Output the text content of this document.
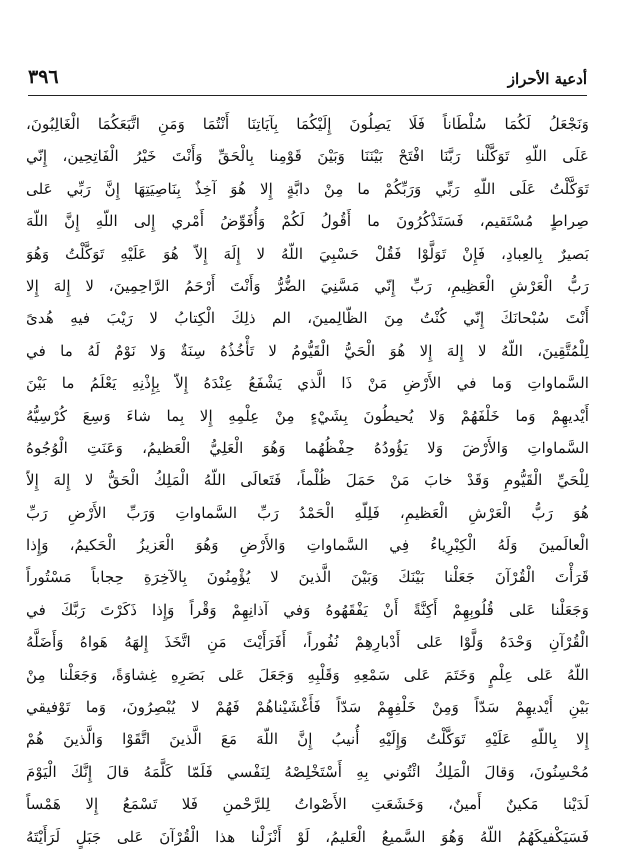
٣٩٦	أدعية الأحراز
وَنَجْعَلُ لَكُمَا سُلْطَاناً فَلَا يَصِلُونَ إِلَيْكُمَا بِآيَاتِنَا أَنْتُمَا وَمَنِ اتَّبَعَكُمَا الْغَالِبُونَ،
عَلَى اللّهِ تَوَكَّلْنا رَبَّنَا افْتَحْ بَيْنَنَا وَبَيْنَ قَوْمِنا بِالْحَقِّ وَأَنْتَ خَيْرُ الْفَاتِحِين، إِنّي
تَوَكَّلْتُ عَلَى اللّهِ رَبِّي وَرَبِّكُمْ ما مِنْ دابَّةٍ إِلا هُوَ آخِذٌ بِنَاصِيَتِهَا إِنَّ رَبِّي عَلى
صِراطٍ مُسْتَقيم، فَسَتَذْكُرُونَ ما أَقُولُ لَكُمْ وَأُفَوِّضُ أَمْري إِلى اللّهِ إِنَّ اللّهَ
بَصيرٌ بِالعِبادِ، فَإِنْ تَوَلَّوْا فَقُلْ حَسْبِيَ اللّهُ لا إِلَهَ إِلاّ هُوَ عَلَيْهِ تَوَكَّلْتُ وَهُوَ
رَبُّ الْعَرْشِ الْعَظِيمِ، رَبِّ إِنّي مَسَّنِيَ الضُّرُّ وَأَنْتَ أَرْحَمُ الرَّاحِمِينَ، لا إِلهَ إِلا
أَنْتَ سُبْحانَكَ إِنّي كُنْتُ مِنَ الظّالِمينَ، الم ذلِكَ الْكِتابُ لا رَيْبَ فيهِ هُدىً
لِلْمُتَّقِينَ، اللّهُ لا إِلهَ إِلا هُوَ الْحَيُّ الْقَيُّومُ لا تَأْخُذُهُ سِنَةٌ وَلا نَوْمٌ لَهُ ما في
السَّماواتِ وَما في الأَرْضِ مَنْ ذَا الَّذي يَشْفَعُ عِنْدَهُ إِلاّ بِإِذْنِهِ يَعْلَمُ ما بَيْنَ
أَيْديهِمْ وَما خَلْفَهُمْ وَلا يُحيطُونَ بِشَيْءٍ مِنْ عِلْمِهِ إِلا بِما شاءَ وَسِعَ كُرْسِيُّهُ
السَّماواتِ وَالأَرْضَ وَلا يَؤُودُهُ حِفْظُهُما وَهُوَ الْعَلِيُّ الْعَظيمُ، وَعَنَتِ الْوُجُوهُ
لِلْحَيِّ الْقَيُّومِ وَقَدْ خابَ مَنْ حَمَلَ ظُلْماً، فَتَعالَى اللّهُ الْمَلِكُ الْحَقُّ لا إِلهَ إِلاّ
هُوَ رَبُّ الْعَرْشِ الْعَظيمِ، فَلِلّهِ الْحَمْدُ رَبِّ السَّماواتِ وَرَبِّ الأَرْضِ رَبِّ
الْعالَمينَ وَلَهُ الْكِبْرِياءُ فِي السَّماواتِ وَالأَرْضِ وَهُوَ الْعَزيزُ الْحَكيمُ، وَإِذا
قَرَأْتَ الْقُرْآنَ جَعَلْنا بَيْنَكَ وَبَيْنَ الَّذينَ لا يُؤْمِنُونَ بِالآخِرَةِ حِجاباً مَسْتُوراً
وَجَعَلْنا عَلى قُلُوبِهِمْ أَكِنَّةً أَنْ يَفْقَهُوهُ وَفي آذانِهِمْ وَقْراً وَإِذا ذَكَرْتَ رَبَّكَ في
الْقُرْآنِ وَحْدَهُ وَلَّوْا عَلى أَدْبارِهِمْ نُفُوراً، أَفَرَأَيْتَ مَنِ اتَّخَذَ إِلهَهُ هَواهُ وَأَضَلَّهُ
اللّهُ عَلى عِلْمٍ وَخَتَمَ عَلى سَمْعِهِ وَقَلْبِهِ وَجَعَلَ عَلى بَصَرِهِ غِشاوَةً، وَجَعَلْنا مِنْ
بَيْنِ أَيْديهِمْ سَدّاً وَمِنْ خَلْفِهِمْ سَدّاً فَأَغْشَيْناهُمْ فَهُمْ لا يُبْصِرُونَ، وَما تَوْفيقي
إِلا بِاللّهِ عَلَيْهِ تَوَكَّلْتُ وَإِلَيْهِ أُنيبُ إِنَّ اللّهَ مَعَ الَّذينَ اتَّقَوْا وَالَّذينَ هُمْ
مُحْسِنُونَ، وَقالَ الْمَلِكُ ائْتُوني بِهِ أَسْتَخْلِصْهُ لِنَفْسي فَلَمّا كَلَّمَهُ قالَ إِنَّكَ الْيَوْمَ
لَدَيْنا مَكينٌ أَمينٌ، وَخَشَعَتِ الأَصْواتُ لِلرَّحْمنِ فَلا تَسْمَعُ إِلا هَمْساً
فَسَيَكْفيكَهُمُ اللّهُ وَهُوَ السَّميعُ الْعَليمُ، لَوْ أَنْزَلْنا هذا الْقُرْآنَ عَلى جَبَلٍ لَرَأَيْتَهُ
